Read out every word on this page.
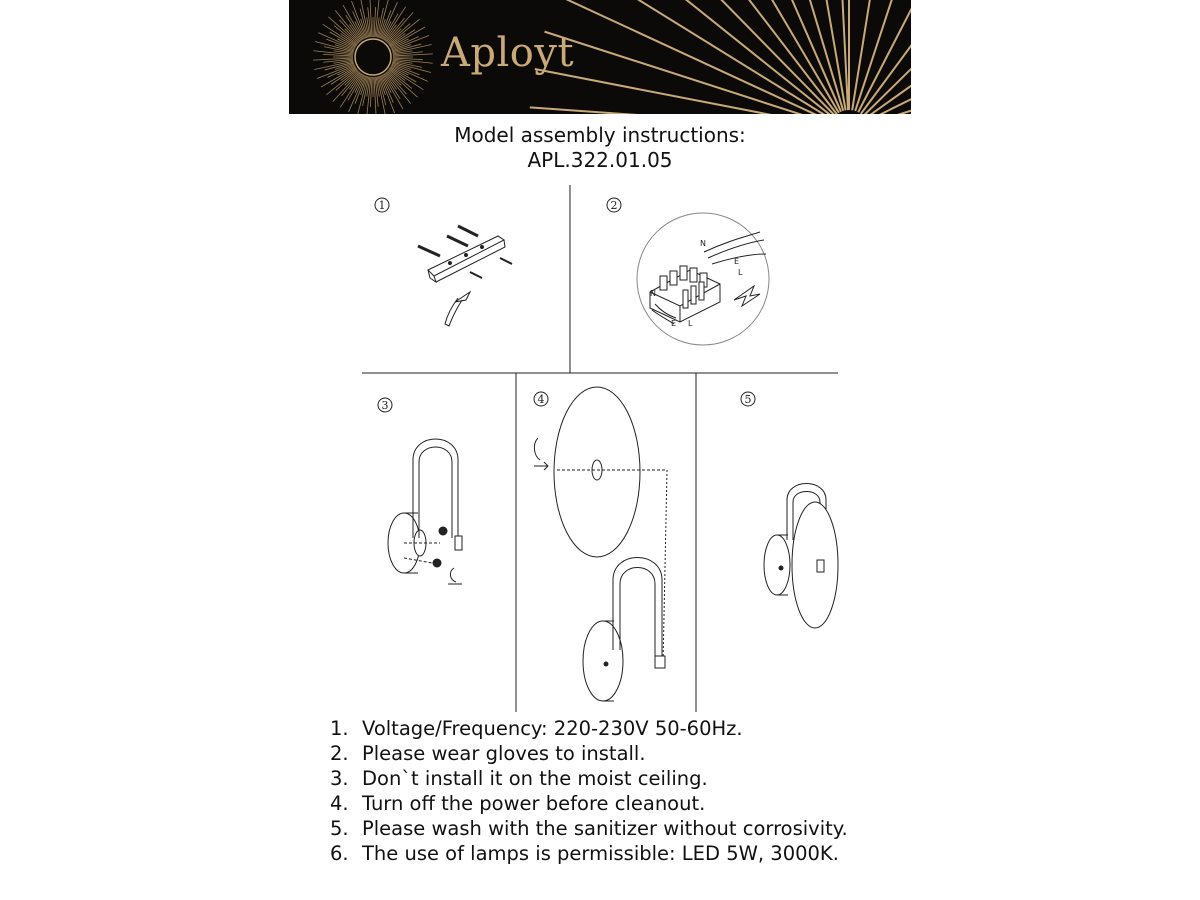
Aployt
Model assembly instructions:
APL.322.01.05
1	2
3	4	5
N
E
L
N
E L
1. Voltage/Frequency: 220-230V 50-60Hz.
2. Please wear gloves to install.
3. Don`t install it on the moist ceiling.
4. Turn off the power before cleanout.
5. Please wash with the sanitizer without corrosivity.
6. The use of lamps is permissible: LED 5W, 3000K.
